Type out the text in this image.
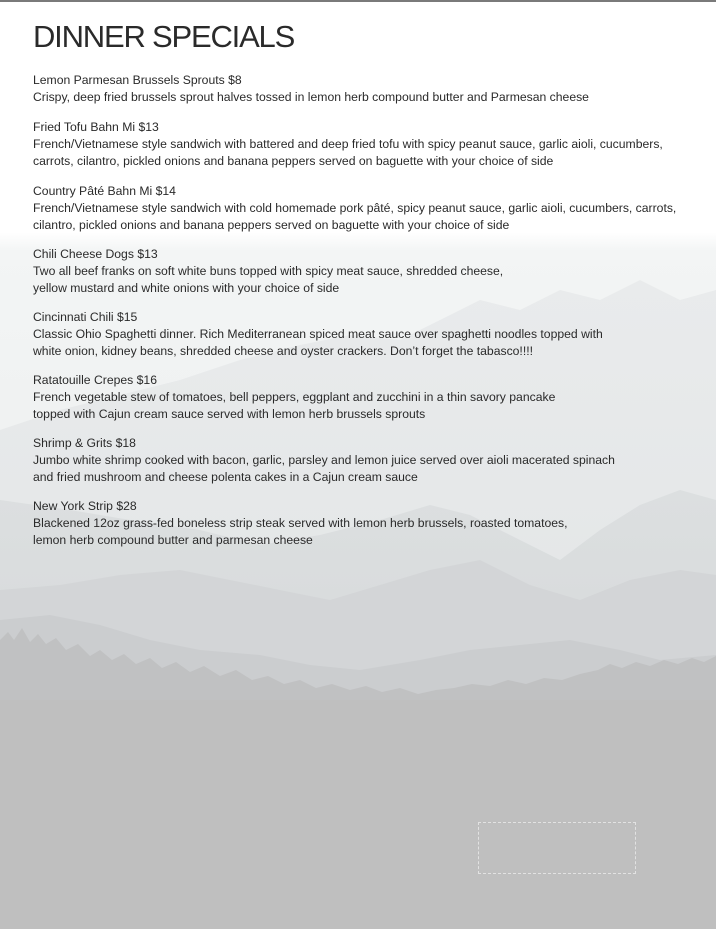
DINNER SPECIALS
Lemon Parmesan Brussels Sprouts $8
Crispy, deep fried brussels sprout halves tossed in lemon herb compound butter and Parmesan cheese
Fried Tofu Bahn Mi $13
French/Vietnamese style sandwich with battered and deep fried tofu with spicy peanut sauce, garlic aioli, cucumbers,
carrots, cilantro, pickled onions and banana peppers served on baguette with your choice of side
Country Pâté Bahn Mi $14
French/Vietnamese style sandwich with cold homemade pork pâté, spicy peanut sauce, garlic aioli, cucumbers, carrots,
cilantro, pickled onions and banana peppers served on baguette with your choice of side
Chili Cheese Dogs $13
Two all beef franks on soft white buns topped with spicy meat sauce, shredded cheese,
yellow mustard and white onions with your choice of side
Cincinnati Chili $15
Classic Ohio Spaghetti dinner. Rich Mediterranean spiced meat sauce over spaghetti noodles topped with
white onion, kidney beans, shredded cheese and oyster crackers. Don’t forget the tabasco!!!!
Ratatouille Crepes $16
French vegetable stew of tomatoes, bell peppers, eggplant and zucchini in a thin savory pancake
topped with Cajun cream sauce served with lemon herb brussels sprouts
Shrimp & Grits $18
Jumbo white shrimp cooked with bacon, garlic, parsley and lemon juice served over aioli macerated spinach
and fried mushroom and cheese polenta cakes in a Cajun cream sauce
New York Strip $28
Blackened 12oz grass-fed boneless strip steak served with lemon herb brussels, roasted tomatoes,
lemon herb compound butter and parmesan cheese
